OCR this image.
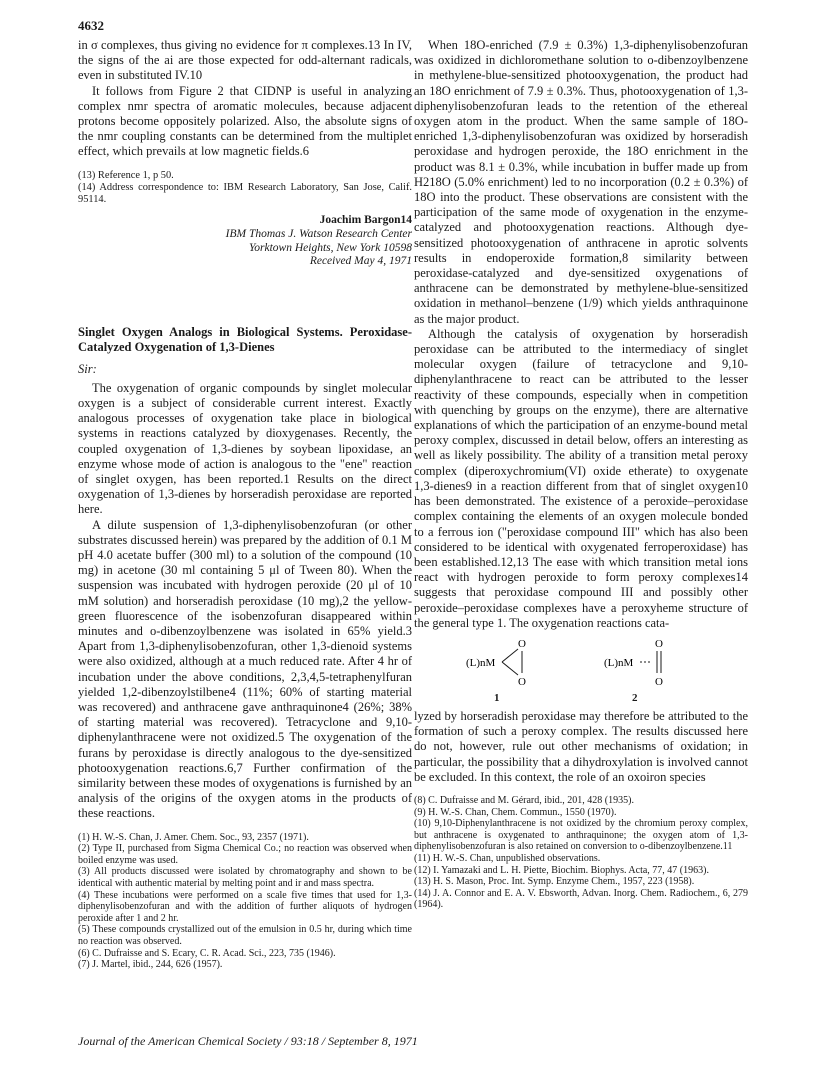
4632

in σ complexes, thus giving no evidence for π complexes.13 In IV, the signs of the ai are those expected for odd-alternant radicals, even in substituted IV.10

It follows from Figure 2 that CIDNP is useful in analyzing complex nmr spectra of aromatic molecules, because adjacent protons become oppositely polarized. Also, the absolute signs of the nmr coupling constants can be determined from the multiplet effect, which prevails at low magnetic fields.6

(13) Reference 1, p 50.
(14) Address correspondence to: IBM Research Laboratory, San Jose, Calif. 95114.
Joachim Bargon14
IBM Thomas J. Watson Research Center
Yorktown Heights, New York 10598
Received May 4, 1971
Singlet Oxygen Analogs in Biological Systems. Peroxidase-Catalyzed Oxygenation of 1,3-Dienes
Sir:

The oxygenation of organic compounds by singlet molecular oxygen is a subject of considerable current interest. Exactly analogous processes of oxygenation take place in biological systems in reactions catalyzed by dioxygenases. Recently, the coupled oxygenation of 1,3-dienes by soybean lipoxidase, an enzyme whose mode of action is analogous to the "ene" reaction of singlet oxygen, has been reported.1 Results on the direct oxygenation of 1,3-dienes by horseradish peroxidase are reported here.

A dilute suspension of 1,3-diphenylisobenzofuran (or other substrates discussed herein) was prepared by the addition of 0.1 M pH 4.0 acetate buffer (300 ml) to a solution of the compound (10 mg) in acetone (30 ml containing 5 μl of Tween 80). When the suspension was incubated with hydrogen peroxide (20 μl of 10 mM solution) and horseradish peroxidase (10 mg),2 the yellow-green fluorescence of the isobenzofuran disappeared within minutes and o-dibenzoylbenzene was isolated in 65% yield.3 Apart from 1,3-diphenylisobenzofuran, other 1,3-dienoid systems were also oxidized, although at a much reduced rate. After 4 hr of incubation under the above conditions, 2,3,4,5-tetraphenylfuran yielded 1,2-dibenzoylstilbene4 (11%; 60% of starting material was recovered) and anthracene gave anthraquinone4 (26%; 38% of starting material was recovered). Tetracyclone and 9,10-diphenylanthracene were not oxidized.5 The oxygenation of the furans by peroxidase is directly analogous to the dye-sensitized photooxygenation reactions.6,7 Further confirmation of the similarity between these modes of oxygenations is furnished by an analysis of the origins of the oxygen atoms in the products of these reactions.

(1) H. W.-S. Chan, J. Amer. Chem. Soc., 93, 2357 (1971).
(2) Type II, purchased from Sigma Chemical Co.; no reaction was observed when boiled enzyme was used.
(3) All products discussed were isolated by chromatography and shown to be identical with authentic material by melting point and ir and mass spectra.
(4) These incubations were performed on a scale five times that used for 1,3-diphenylisobenzofuran and with the addition of further aliquots of hydrogen peroxide after 1 and 2 hr.
(5) These compounds crystallized out of the emulsion in 0.5 hr, during which time no reaction was observed.
(6) C. Dufraisse and S. Ecary, C. R. Acad. Sci., 223, 735 (1946).
(7) J. Martel, ibid., 244, 626 (1957).

When 18O-enriched (7.9 ± 0.3%) 1,3-diphenylisobenzofuran was oxidized in dichloromethane solution to o-dibenzoylbenzene in methylene-blue-sensitized photooxygenation, the product had an 18O enrichment of 7.9 ± 0.3%. Thus, photooxygenation of 1,3-diphenylisobenzofuran leads to the retention of the ethereal oxygen atom in the product. When the same sample of 18O-enriched 1,3-diphenylisobenzofuran was oxidized by horseradish peroxidase and hydrogen peroxide, the 18O enrichment in the product was 8.1 ± 0.3%, while incubation in buffer made up from H218O (5.0% enrichment) led to no incorporation (0.2 ± 0.3%) of 18O into the product. These observations are consistent with the participation of the same mode of oxygenation in the enzyme-catalyzed and photooxygenation reactions. Although dye-sensitized photooxygenation of anthracene in aprotic solvents results in endoperoxide formation,8 similarity between peroxidase-catalyzed and dye-sensitized oxygenations of anthracene can be demonstrated by methylene-blue-sensitized oxidation in methanol–benzene (1/9) which yields anthraquinone as the major product.

Although the catalysis of oxygenation by horseradish peroxidase can be attributed to the intermediacy of singlet molecular oxygen (failure of tetracyclone and 9,10-diphenylanthracene to react can be attributed to the lesser reactivity of these compounds, especially when in competition with quenching by groups on the enzyme), there are alternative explanations of which the participation of an enzyme-bound metal peroxy complex, discussed in detail below, offers an interesting as well as likely possibility. The ability of a transition metal peroxy complex (diperoxychromium(VI) oxide etherate) to oxygenate 1,3-dienes9 in a reaction different from that of singlet oxygen10 has been demonstrated. The existence of a peroxide–peroxidase complex containing the elements of an oxygen molecule bonded to a ferrous ion ("peroxidase compound III" which has also been considered to be identical with oxygenated ferroperoxidase) has been established.12,13 The ease with which transition metal ions react with hydrogen peroxide to form peroxy complexes14 suggests that peroxidase compound III and possibly other peroxide–peroxidase complexes have a peroxyheme structure of the general type 1. The oxygenation reactions cata-

(L)nM
O
O
(L)nM
O
O
1	2

lyzed by horseradish peroxidase may therefore be attributed to the formation of such a peroxy complex. The results discussed here do not, however, rule out other mechanisms of oxidation; in particular, the possibility that a dihydroxylation is involved cannot be excluded. In this context, the role of an oxoiron species

(8) C. Dufraisse and M. Gérard, ibid., 201, 428 (1935).
(9) H. W.-S. Chan, Chem. Commun., 1550 (1970).
(10) 9,10-Diphenylanthracene is not oxidized by the chromium peroxy complex, but anthracene is oxygenated to anthraquinone; the oxygen atom of 1,3-diphenylisobenzofuran is also retained on conversion to o-dibenzoylbenzene.11
(11) H. W.-S. Chan, unpublished observations.
(12) I. Yamazaki and L. H. Piette, Biochim. Biophys. Acta, 77, 47 (1963).
(13) H. S. Mason, Proc. Int. Symp. Enzyme Chem., 1957, 223 (1958).
(14) J. A. Connor and E. A. V. Ebsworth, Advan. Inorg. Chem. Radiochem., 6, 279 (1964).
Journal of the American Chemical Society / 93:18 / September 8, 1971
